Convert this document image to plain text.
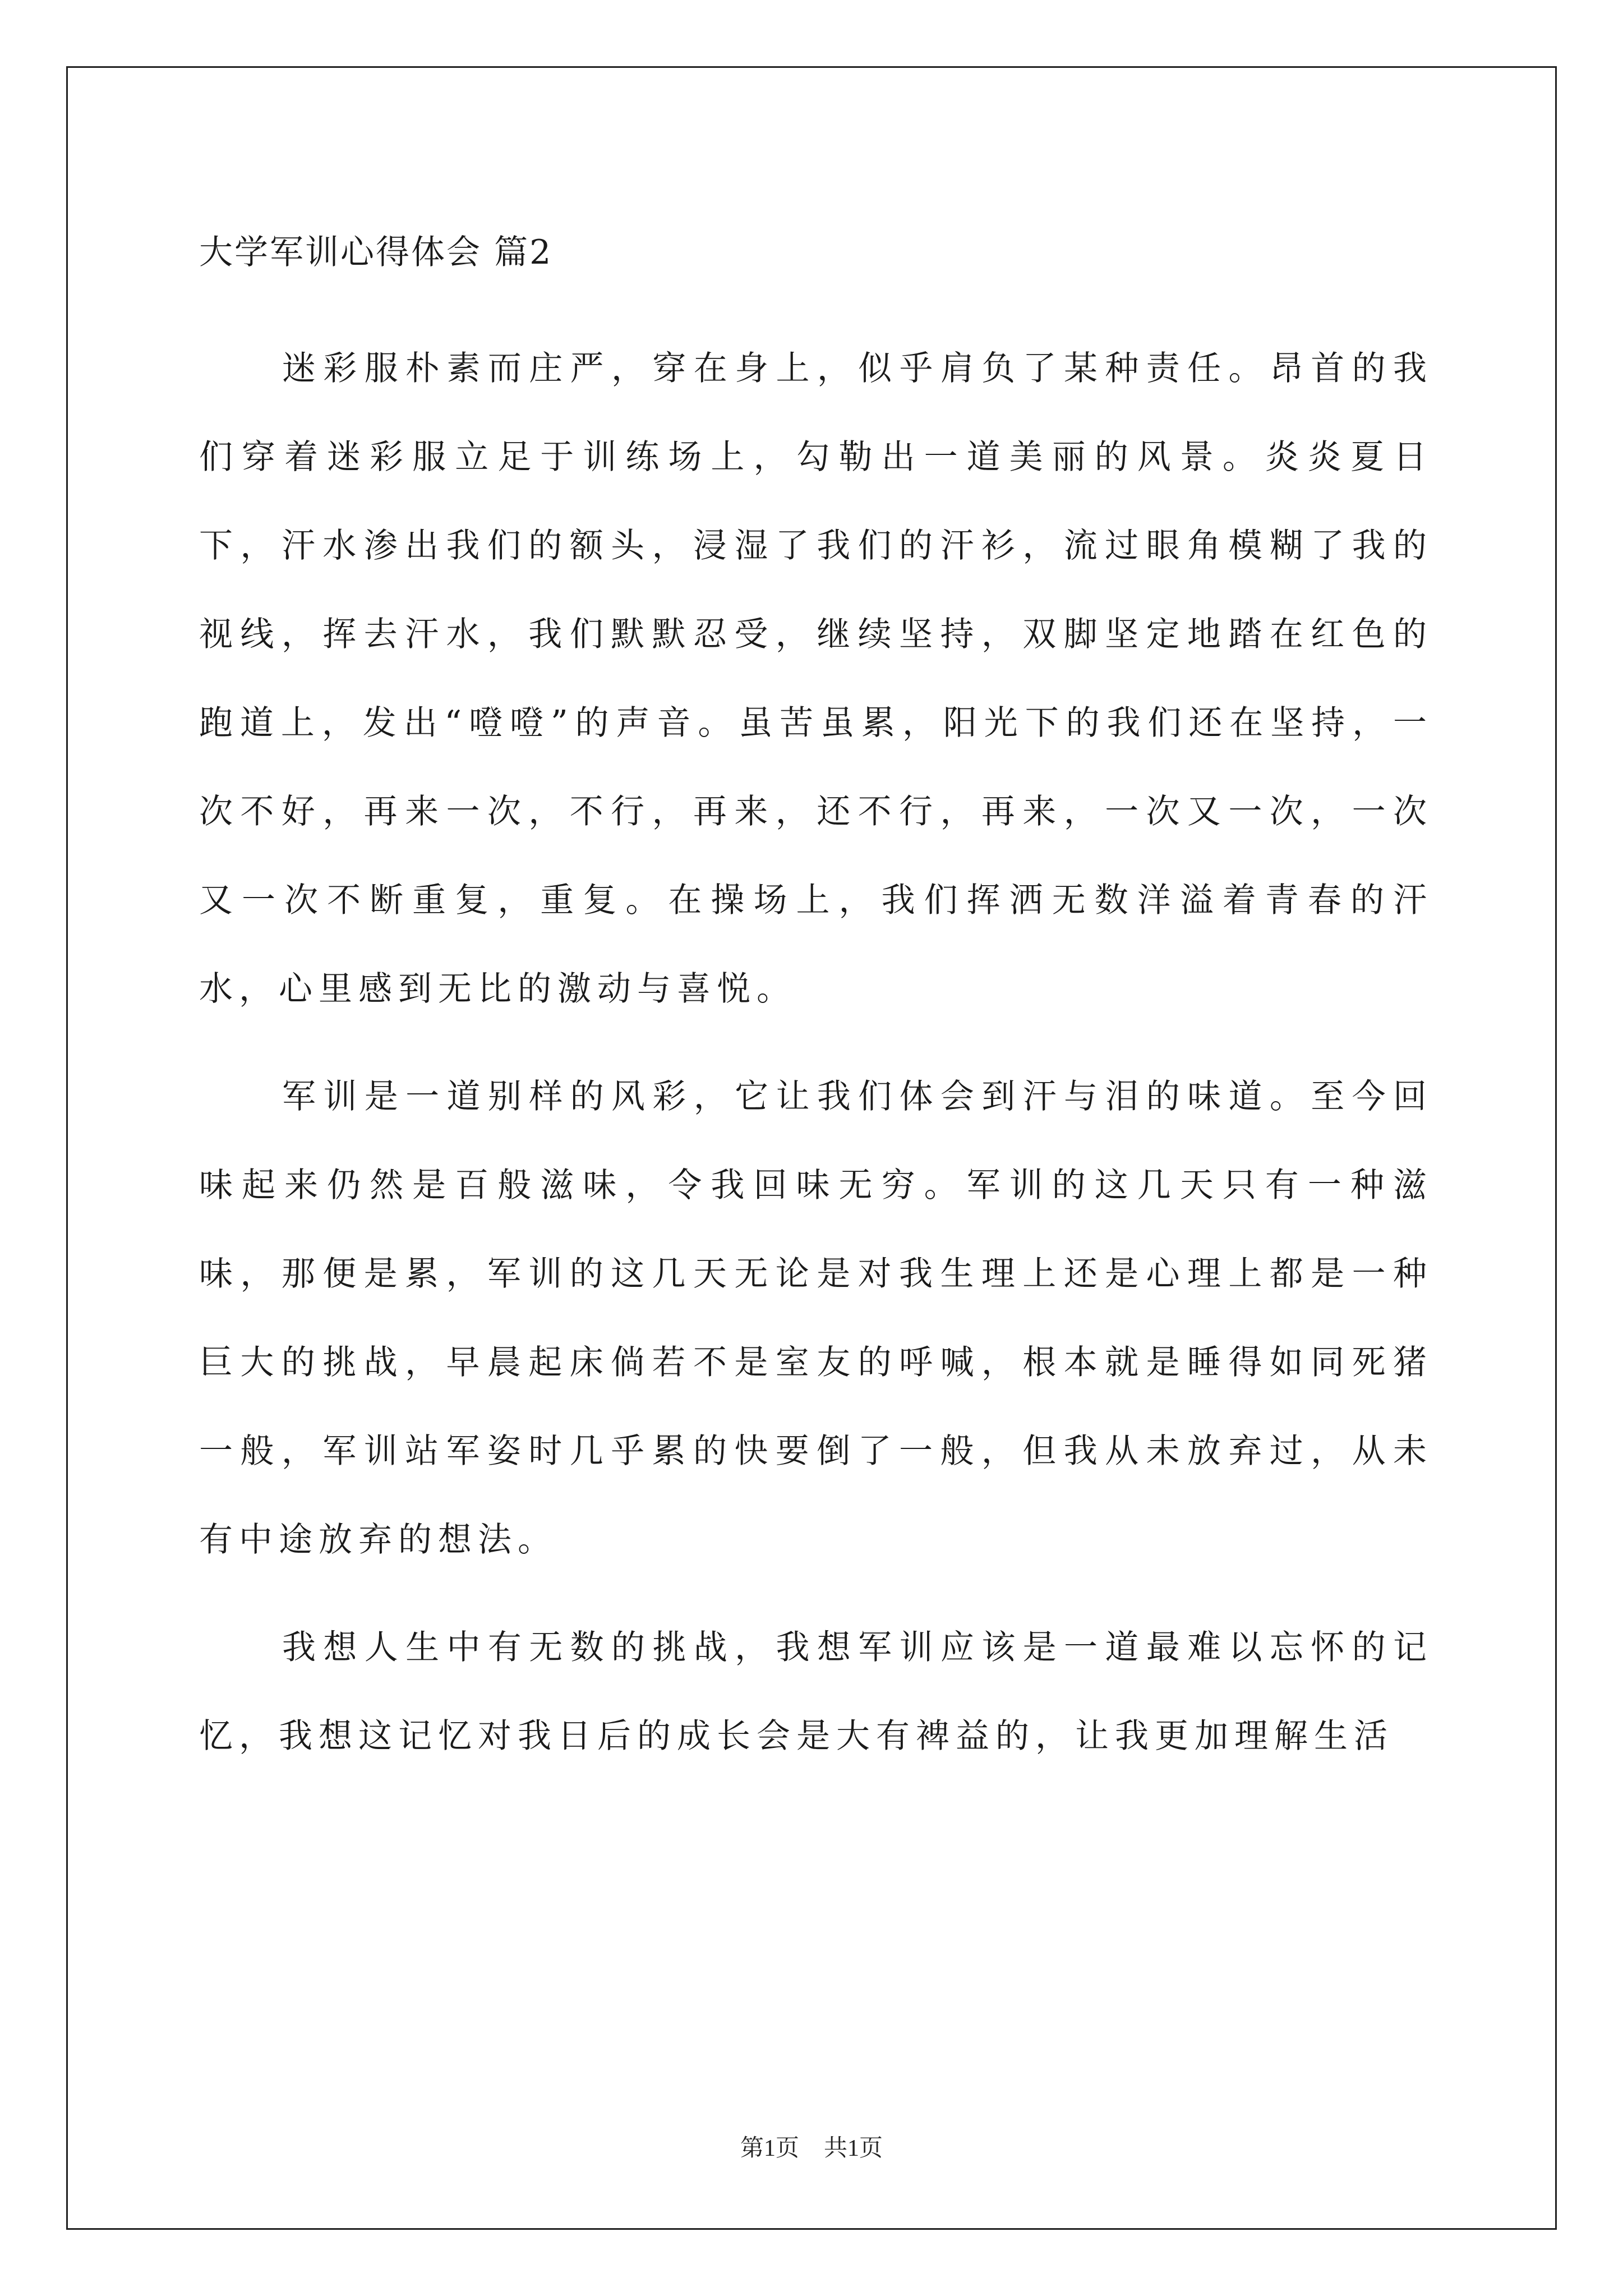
大学军训心得体会 篇2

迷彩服朴素而庄严，穿在身上，似乎肩负了某种责任。昂首的我们穿着迷彩服立足于训练场上，勾勒出一道美丽的风景。炎炎夏日下，汗水渗出我们的额头，浸湿了我们的汗衫，流过眼角模糊了我的视线，挥去汗水，我们默默忍受，继续坚持，双脚坚定地踏在红色的跑道上，发出“噔噔”的声音。虽苦虽累，阳光下的我们还在坚持，一次不好，再来一次，不行，再来，还不行，再来，一次又一次，一次又一次不断重复，重复。在操场上，我们挥洒无数洋溢着青春的汗水，心里感到无比的激动与喜悦。

军训是一道别样的风彩，它让我们体会到汗与泪的味道。至今回味起来仍然是百般滋味，令我回味无穷。军训的这几天只有一种滋味，那便是累，军训的这几天无论是对我生理上还是心理上都是一种巨大的挑战，早晨起床倘若不是室友的呼喊，根本就是睡得如同死猪一般，军训站军姿时几乎累的快要倒了一般，但我从未放弃过，从未有中途放弃的想法。

我想人生中有无数的挑战，我想军训应该是一道最难以忘怀的记忆，我想这记忆对我日后的成长会是大有裨益的，让我更加理解生活

第1页 共1页
